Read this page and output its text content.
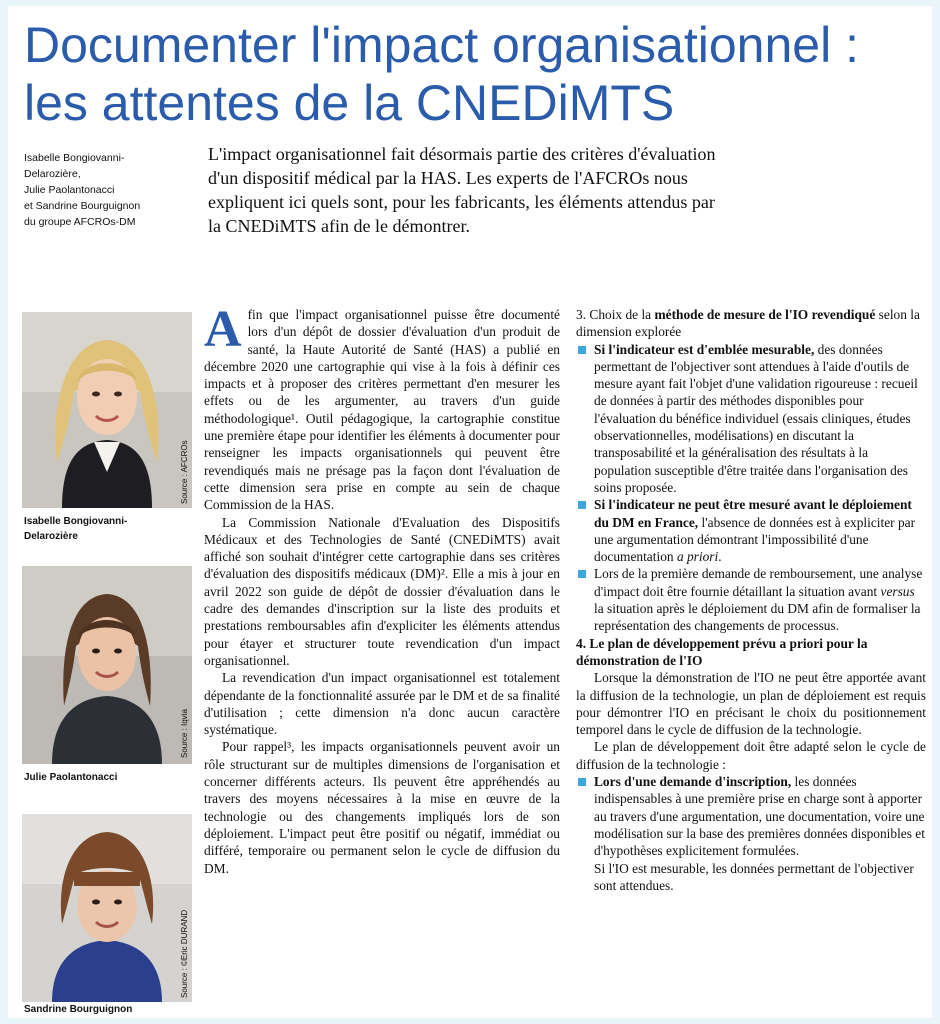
Documenter l'impact organisationnel :
les attentes de la CNEDiMTS
Isabelle Bongiovanni-
Delarozière,
Julie Paolantonacci
et Sandrine Bourguignon
du groupe AFCROs-DM
L'impact organisationnel fait désormais partie des critères d'évaluation
d'un dispositif médical par la HAS. Les experts de l'AFCROs nous
expliquent ici quels sont, pour les fabricants, les éléments attendus par
la CNEDiMTS afin de le démontrer.
Source : AFCROs
Isabelle Bongiovanni-
Delarozière
Source : Iqvia
Julie Paolantonacci
Source : ©Eric DURAND
Sandrine Bourguignon

Afin que l'impact organisationnel puisse être documenté lors d'un dépôt de dossier d'évaluation d'un produit de santé, la Haute Autorité de Santé (HAS) a publié en décembre 2020 une cartographie qui vise à la fois à définir ces impacts et à proposer des critères permettant d'en mesurer les effets ou de les argumenter, au travers d'un guide méthodologique¹. Outil pédagogique, la cartographie constitue une première étape pour identifier les éléments à documenter pour renseigner les impacts organisationnels qui peuvent être revendiqués mais ne présage pas la façon dont l'évaluation de cette dimension sera prise en compte au sein de chaque Commission de la HAS.

La Commission Nationale d'Evaluation des Dispositifs Médicaux et des Technologies de Santé (CNEDiMTS) avait affiché son souhait d'intégrer cette cartographie dans ses critères d'évaluation des dispositifs médicaux (DM)². Elle a mis à jour en avril 2022 son guide de dépôt de dossier d'évaluation dans le cadre des demandes d'inscription sur la liste des produits et prestations remboursables afin d'expliciter les éléments attendus pour étayer et structurer toute revendication d'un impact organisationnel.

La revendication d'un impact organisationnel est totalement dépendante de la fonctionnalité assurée par le DM et de sa finalité d'utilisation ; cette dimension n'a donc aucun caractère systématique.

Pour rappel³, les impacts organisationnels peuvent avoir un rôle structurant sur de multiples dimensions de l'organisation et concerner différents acteurs. Ils peuvent être appréhendés au travers des moyens nécessaires à la mise en œuvre de la technologie ou des changements impliqués lors de son déploiement. L'impact peut être positif ou négatif, immédiat ou différé, temporaire ou permanent selon le cycle de diffusion du DM.

3. Choix de la méthode de mesure de l'IO revendiqué selon la dimension explorée
Si l'indicateur est d'emblée mesurable, des données permettant de l'objectiver sont attendues à l'aide d'outils de mesure ayant fait l'objet d'une validation rigoureuse : recueil de données à partir des méthodes disponibles pour l'évaluation du bénéfice individuel (essais cliniques, études observationnelles, modélisations) en discutant la transposabilité et la généralisation des résultats à la population susceptible d'être traitée dans l'organisation des soins proposée.
Si l'indicateur ne peut être mesuré avant le déploiement du DM en France, l'absence de données est à expliciter par une argumentation démontrant l'impossibilité d'une documentation a priori.
Lors de la première demande de remboursement, une analyse d'impact doit être fournie détaillant la situation avant versus la situation après le déploiement du DM afin de formaliser la représentation des changements de processus.
4. Le plan de développement prévu a priori pour la démonstration de l'IO

Lorsque la démonstration de l'IO ne peut être apportée avant la diffusion de la technologie, un plan de déploiement est requis pour démontrer l'IO en précisant le choix du positionnement temporel dans le cycle de diffusion de la technologie.

Le plan de développement doit être adapté selon le cycle de diffusion de la technologie :

Lors d'une demande d'inscription, les données indispensables à une première prise en charge sont à apporter au travers d'une argumentation, une documentation, voire une modélisation sur la base des premières données disponibles et d'hypothèses explicitement formulées.
Si l'IO est mesurable, les données permettant de l'objectiver sont attendues.
